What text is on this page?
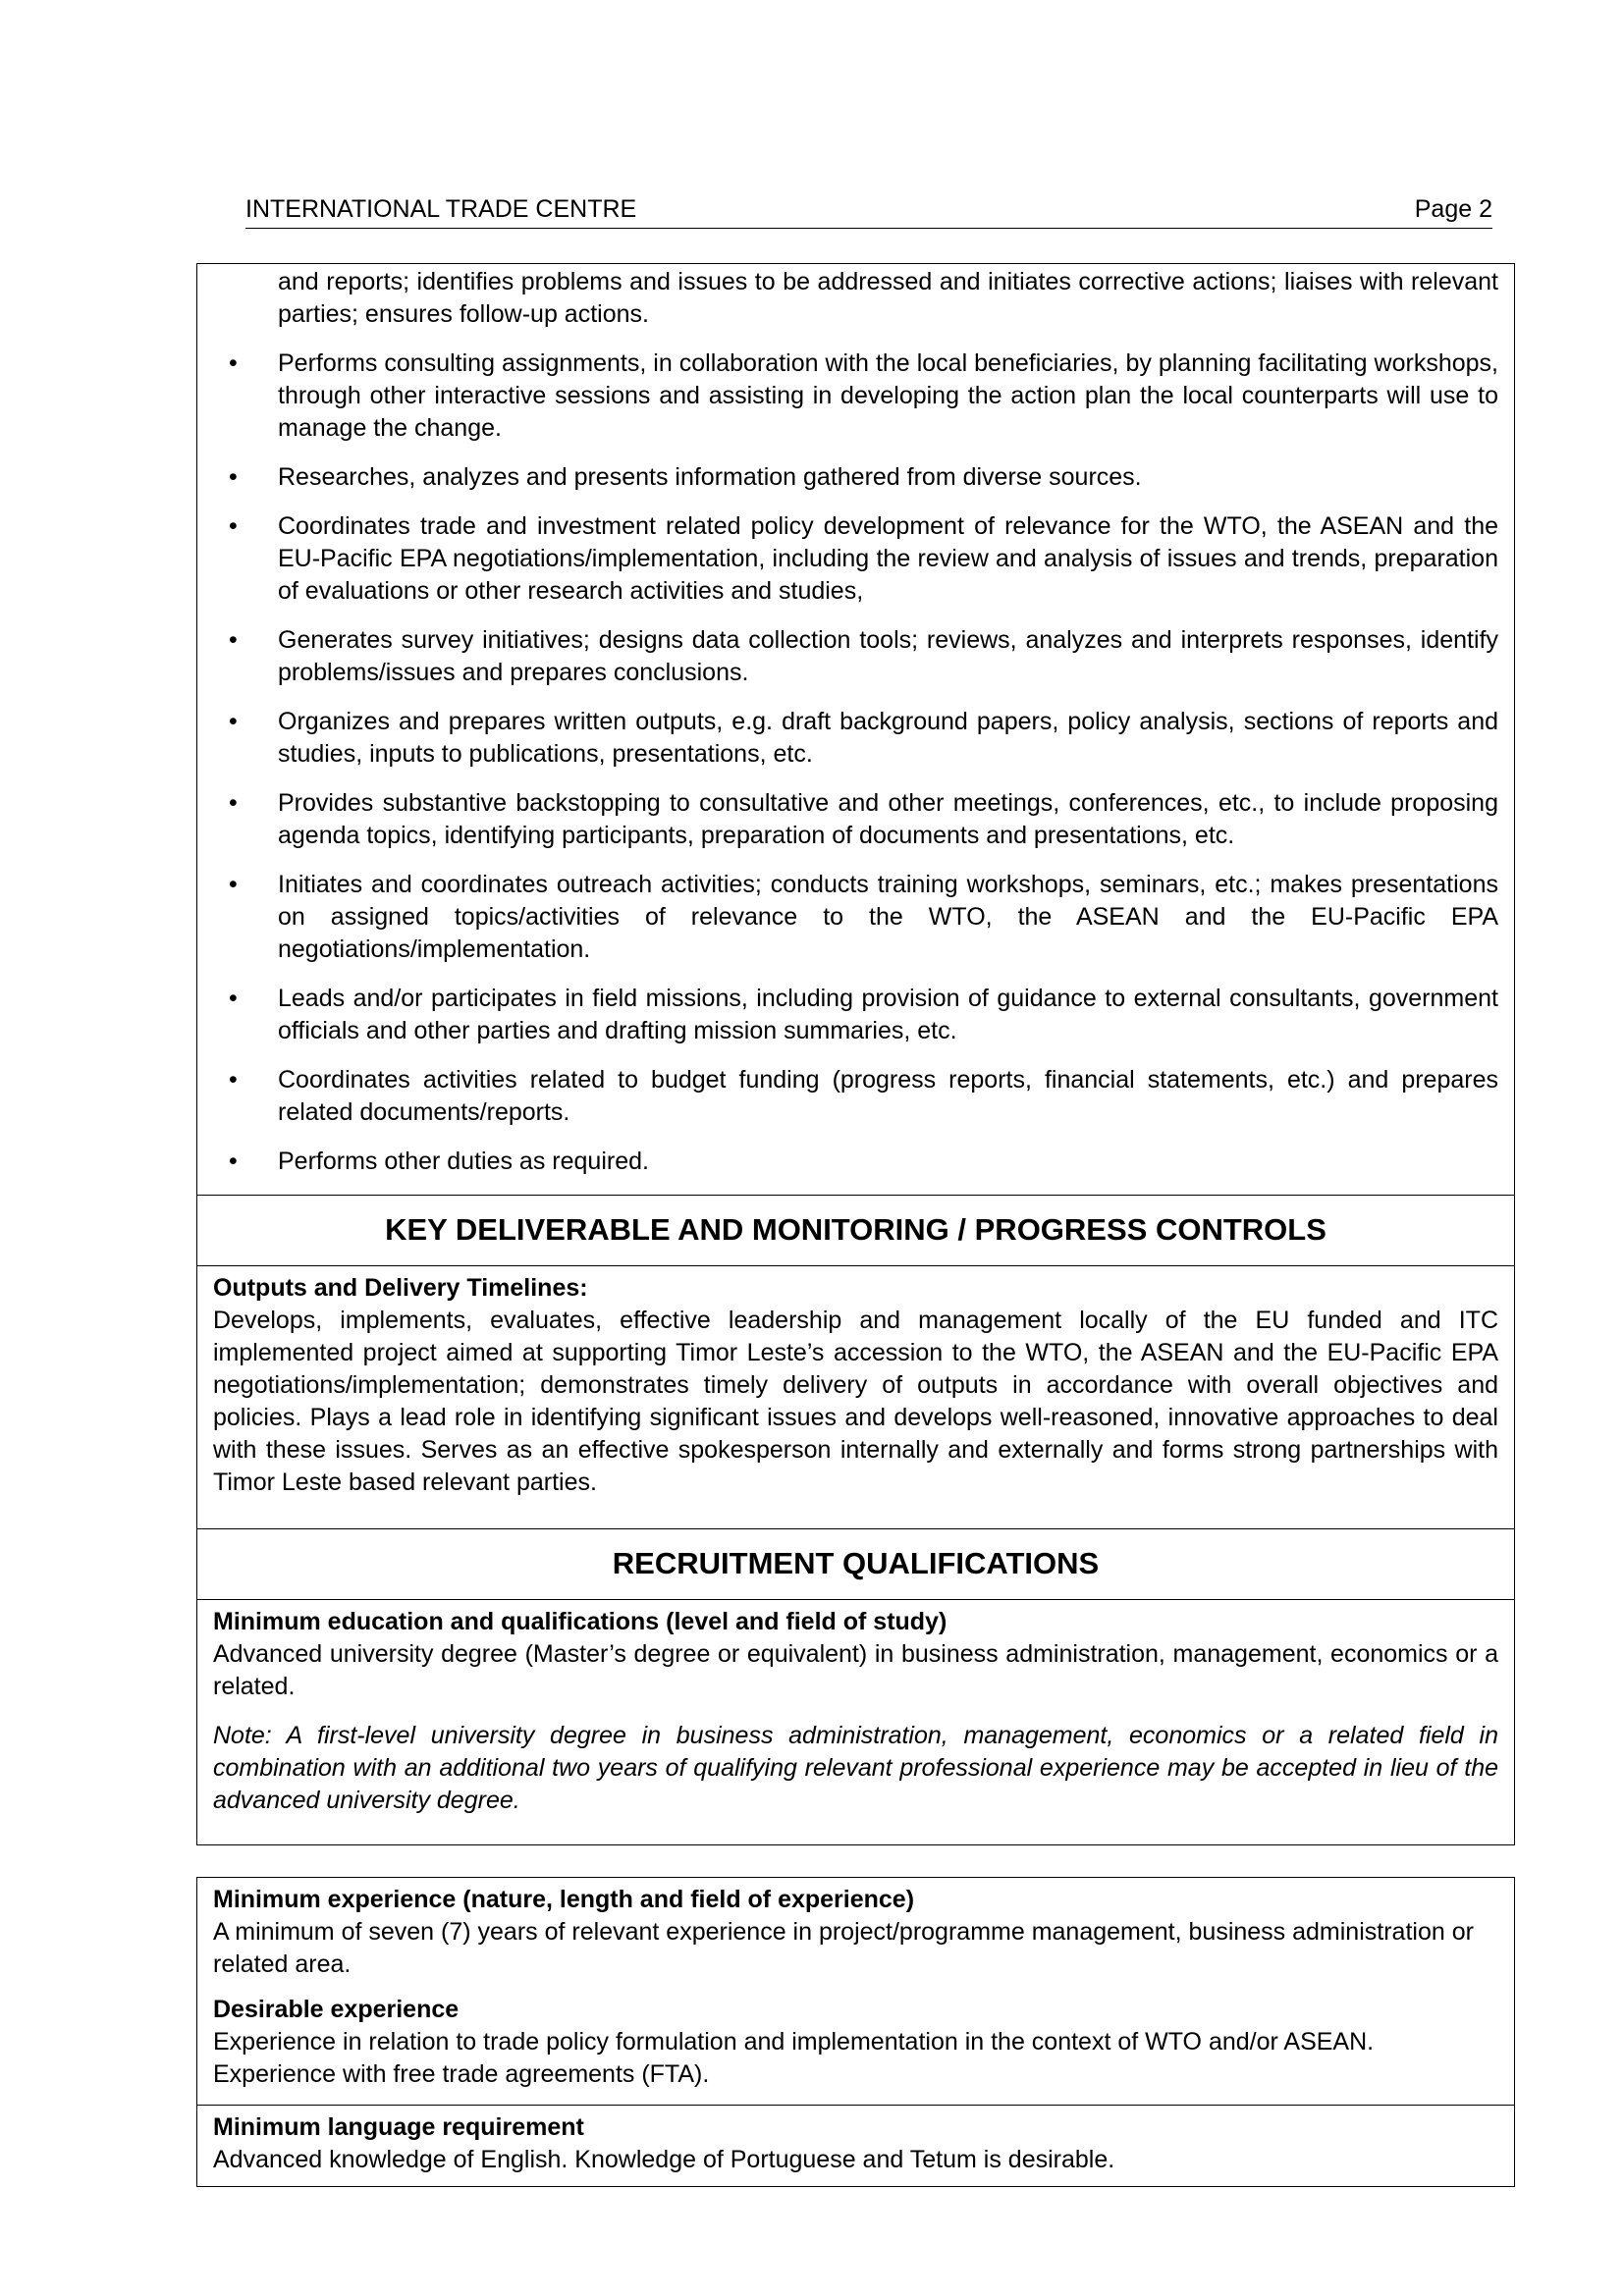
INTERNATIONAL TRADE CENTRE	Page 2

and reports; identifies problems and issues to be addressed and initiates corrective actions; liaises with relevant parties; ensures follow-up actions.

• Performs consulting assignments, in collaboration with the local beneficiaries, by planning facilitating workshops, through other interactive sessions and assisting in developing the action plan the local counterparts will use to manage the change.

• Researches, analyzes and presents information gathered from diverse sources.

• Coordinates trade and investment related policy development of relevance for the WTO, the ASEAN and the EU-Pacific EPA negotiations/implementation, including the review and analysis of issues and trends, preparation of evaluations or other research activities and studies,

• Generates survey initiatives; designs data collection tools; reviews, analyzes and interprets responses, identify problems/issues and prepares conclusions.

• Organizes and prepares written outputs, e.g. draft background papers, policy analysis, sections of reports and studies, inputs to publications, presentations, etc.

• Provides substantive backstopping to consultative and other meetings, conferences, etc., to include proposing agenda topics, identifying participants, preparation of documents and presentations, etc.

• Initiates and coordinates outreach activities; conducts training workshops, seminars, etc.; makes presentations on assigned topics/activities of relevance to the WTO, the ASEAN and the EU-Pacific EPA negotiations/implementation.

• Leads and/or participates in field missions, including provision of guidance to external consultants, government officials and other parties and drafting mission summaries, etc.

• Coordinates activities related to budget funding (progress reports, financial statements, etc.) and prepares related documents/reports.

• Performs other duties as required.

KEY DELIVERABLE AND MONITORING / PROGRESS CONTROLS

Outputs and Delivery Timelines:

Develops, implements, evaluates, effective leadership and management locally of the EU funded and ITC implemented project aimed at supporting Timor Leste’s accession to the WTO, the ASEAN and the EU-Pacific EPA negotiations/implementation; demonstrates timely delivery of outputs in accordance with overall objectives and policies. Plays a lead role in identifying significant issues and develops well-reasoned, innovative approaches to deal with these issues. Serves as an effective spokesperson internally and externally and forms strong partnerships with Timor Leste based relevant parties.

RECRUITMENT QUALIFICATIONS

Minimum education and qualifications (level and field of study)

Advanced university degree (Master’s degree or equivalent) in business administration, management, economics or a related.

Note: A first-level university degree in business administration, management, economics or a related field in combination with an additional two years of qualifying relevant professional experience may be accepted in lieu of the advanced university degree.

Minimum experience (nature, length and field of experience)

A minimum of seven (7) years of relevant experience in project/programme management, business administration or related area.

Desirable experience

Experience in relation to trade policy formulation and implementation in the context of WTO and/or ASEAN. Experience with free trade agreements (FTA).

Minimum language requirement

Advanced knowledge of English. Knowledge of Portuguese and Tetum is desirable.
